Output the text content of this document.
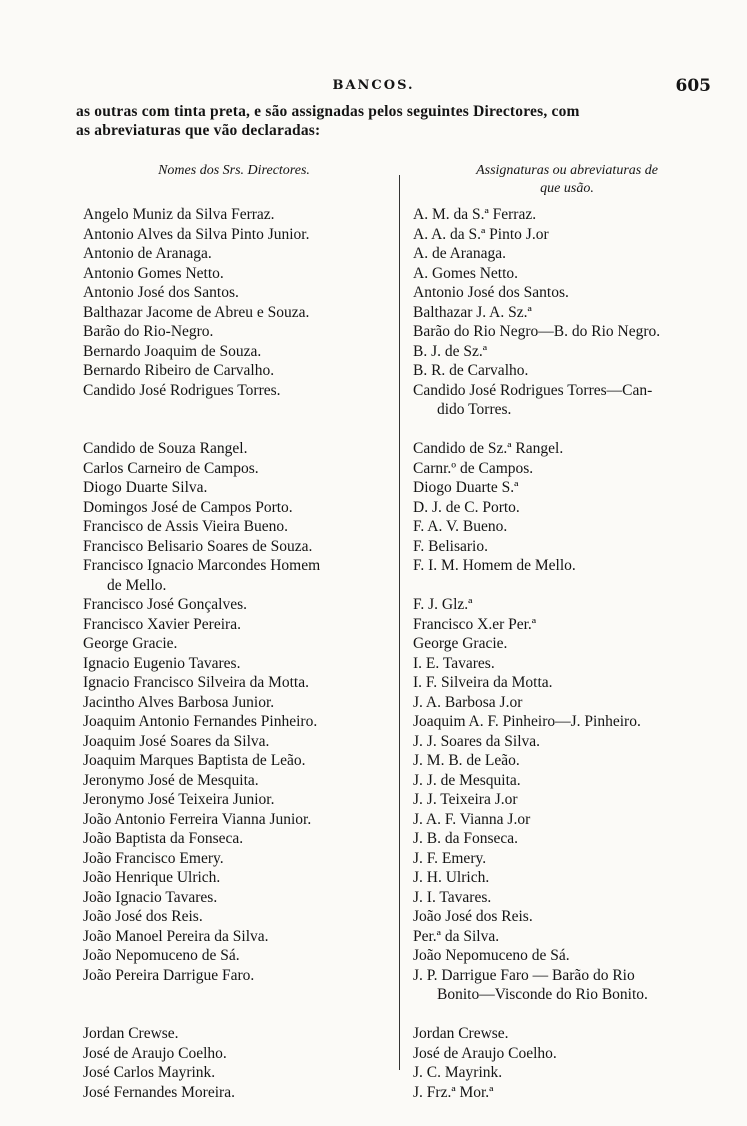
BANCOS.	605
as outras com tinta preta, e são assignadas pelos seguintes Directores, com
as abreviaturas que vão declaradas:
Nomes dos Srs. Directores.	Assignaturas ou abreviaturas de
que usão.
Angelo Muniz da Silva Ferraz.
Antonio Alves da Silva Pinto Junior.
Antonio de Aranaga.
Antonio Gomes Netto.
Antonio José dos Santos.
Balthazar Jacome de Abreu e Souza.
Barão do Rio-Negro.
Bernardo Joaquim de Souza.
Bernardo Ribeiro de Carvalho.
Candido José Rodrigues Torres.

Candido de Souza Rangel.
Carlos Carneiro de Campos.
Diogo Duarte Silva.
Domingos José de Campos Porto.
Francisco de Assis Vieira Bueno.
Francisco Belisario Soares de Souza.
Francisco Ignacio Marcondes Homem
de Mello.
Francisco José Gonçalves.
Francisco Xavier Pereira.
George Gracie.
Ignacio Eugenio Tavares.
Ignacio Francisco Silveira da Motta.
Jacintho Alves Barbosa Junior.
Joaquim Antonio Fernandes Pinheiro.
Joaquim José Soares da Silva.
Joaquim Marques Baptista de Leão.
Jeronymo José de Mesquita.
Jeronymo José Teixeira Junior.
João Antonio Ferreira Vianna Junior.
João Baptista da Fonseca.
João Francisco Emery.
João Henrique Ulrich.
João Ignacio Tavares.
João José dos Reis.
João Manoel Pereira da Silva.
João Nepomuceno de Sá.
João Pereira Darrigue Faro.

Jordan Crewse.
José de Araujo Coelho.
José Carlos Mayrink.
José Fernandes Moreira.
A. M. da S.ª Ferraz.
A. A. da S.ª Pinto J.or
A. de Aranaga.
A. Gomes Netto.
Antonio José dos Santos.
Balthazar J. A. Sz.ª
Barão do Rio Negro—B. do Rio Negro.
B. J. de Sz.ª
B. R. de Carvalho.
Candido José Rodrigues Torres—Can-
dido Torres.
Candido de Sz.ª Rangel.
Carnr.º de Campos.
Diogo Duarte S.ª
D. J. de C. Porto.
F. A. V. Bueno.
F. Belisario.
F. I. M. Homem de Mello.

F. J. Glz.ª
Francisco X.er Per.ª
George Gracie.
I. E. Tavares.
I. F. Silveira da Motta.
J. A. Barbosa J.or
Joaquim A. F. Pinheiro—J. Pinheiro.
J. J. Soares da Silva.
J. M. B. de Leão.
J. J. de Mesquita.
J. J. Teixeira J.or
J. A. F. Vianna J.or
J. B. da Fonseca.
J. F. Emery.
J. H. Ulrich.
J. I. Tavares.
João José dos Reis.
Per.ª da Silva.
João Nepomuceno de Sá.
J. P. Darrigue Faro — Barão do Rio
Bonito—Visconde do Rio Bonito.
Jordan Crewse.
José de Araujo Coelho.
J. C. Mayrink.
J. Frz.ª Mor.ª
